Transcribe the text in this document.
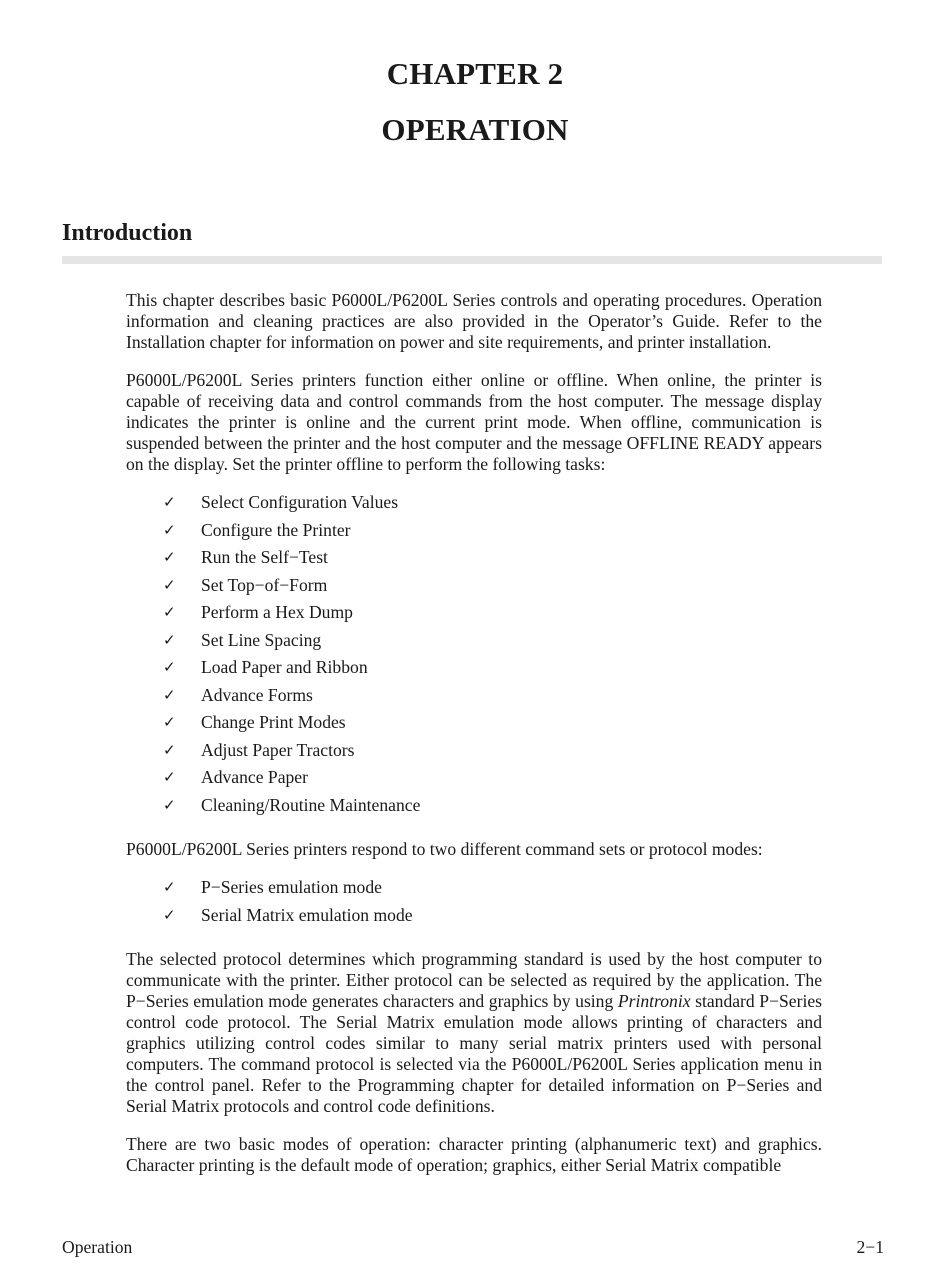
CHAPTER 2
OPERATION
Introduction

This chapter describes basic P6000L/P6200L Series controls and operating procedures. Operation information and cleaning practices are also provided in the Operator’s Guide. Refer to the Installation chapter for information on power and site requirements, and printer installation.

P6000L/P6200L Series printers function either online or offline. When online, the printer is capable of receiving data and control commands from the host computer. The message display indicates the printer is online and the current print mode. When offline, communication is suspended between the printer and the host computer and the message OFFLINE READY appears on the display. Set the printer offline to perform the following tasks:

✓ Select Configuration Values
✓ Configure the Printer
✓ Run the Self−Test
✓ Set Top−of−Form
✓ Perform a Hex Dump
✓ Set Line Spacing
✓ Load Paper and Ribbon
✓ Advance Forms
✓ Change Print Modes
✓ Adjust Paper Tractors
✓ Advance Paper
✓ Cleaning/Routine Maintenance

P6000L/P6200L Series printers respond to two different command sets or protocol modes:

✓ P−Series emulation mode
✓ Serial Matrix emulation mode

The selected protocol determines which programming standard is used by the host computer to communicate with the printer. Either protocol can be selected as required by the application. The P−Series emulation mode generates characters and graphics by using Printronix standard P−Series control code protocol. The Serial Matrix emulation mode allows printing of characters and graphics utilizing control codes similar to many serial matrix printers used with personal computers. The command protocol is selected via the P6000L/P6200L Series application menu in the control panel. Refer to the Programming chapter for detailed information on P−Series and Serial Matrix protocols and control code definitions.

There are two basic modes of operation: character printing (alphanumeric text) and graphics. Character printing is the default mode of operation; graphics, either Serial Matrix compatible

Operation	2−1
